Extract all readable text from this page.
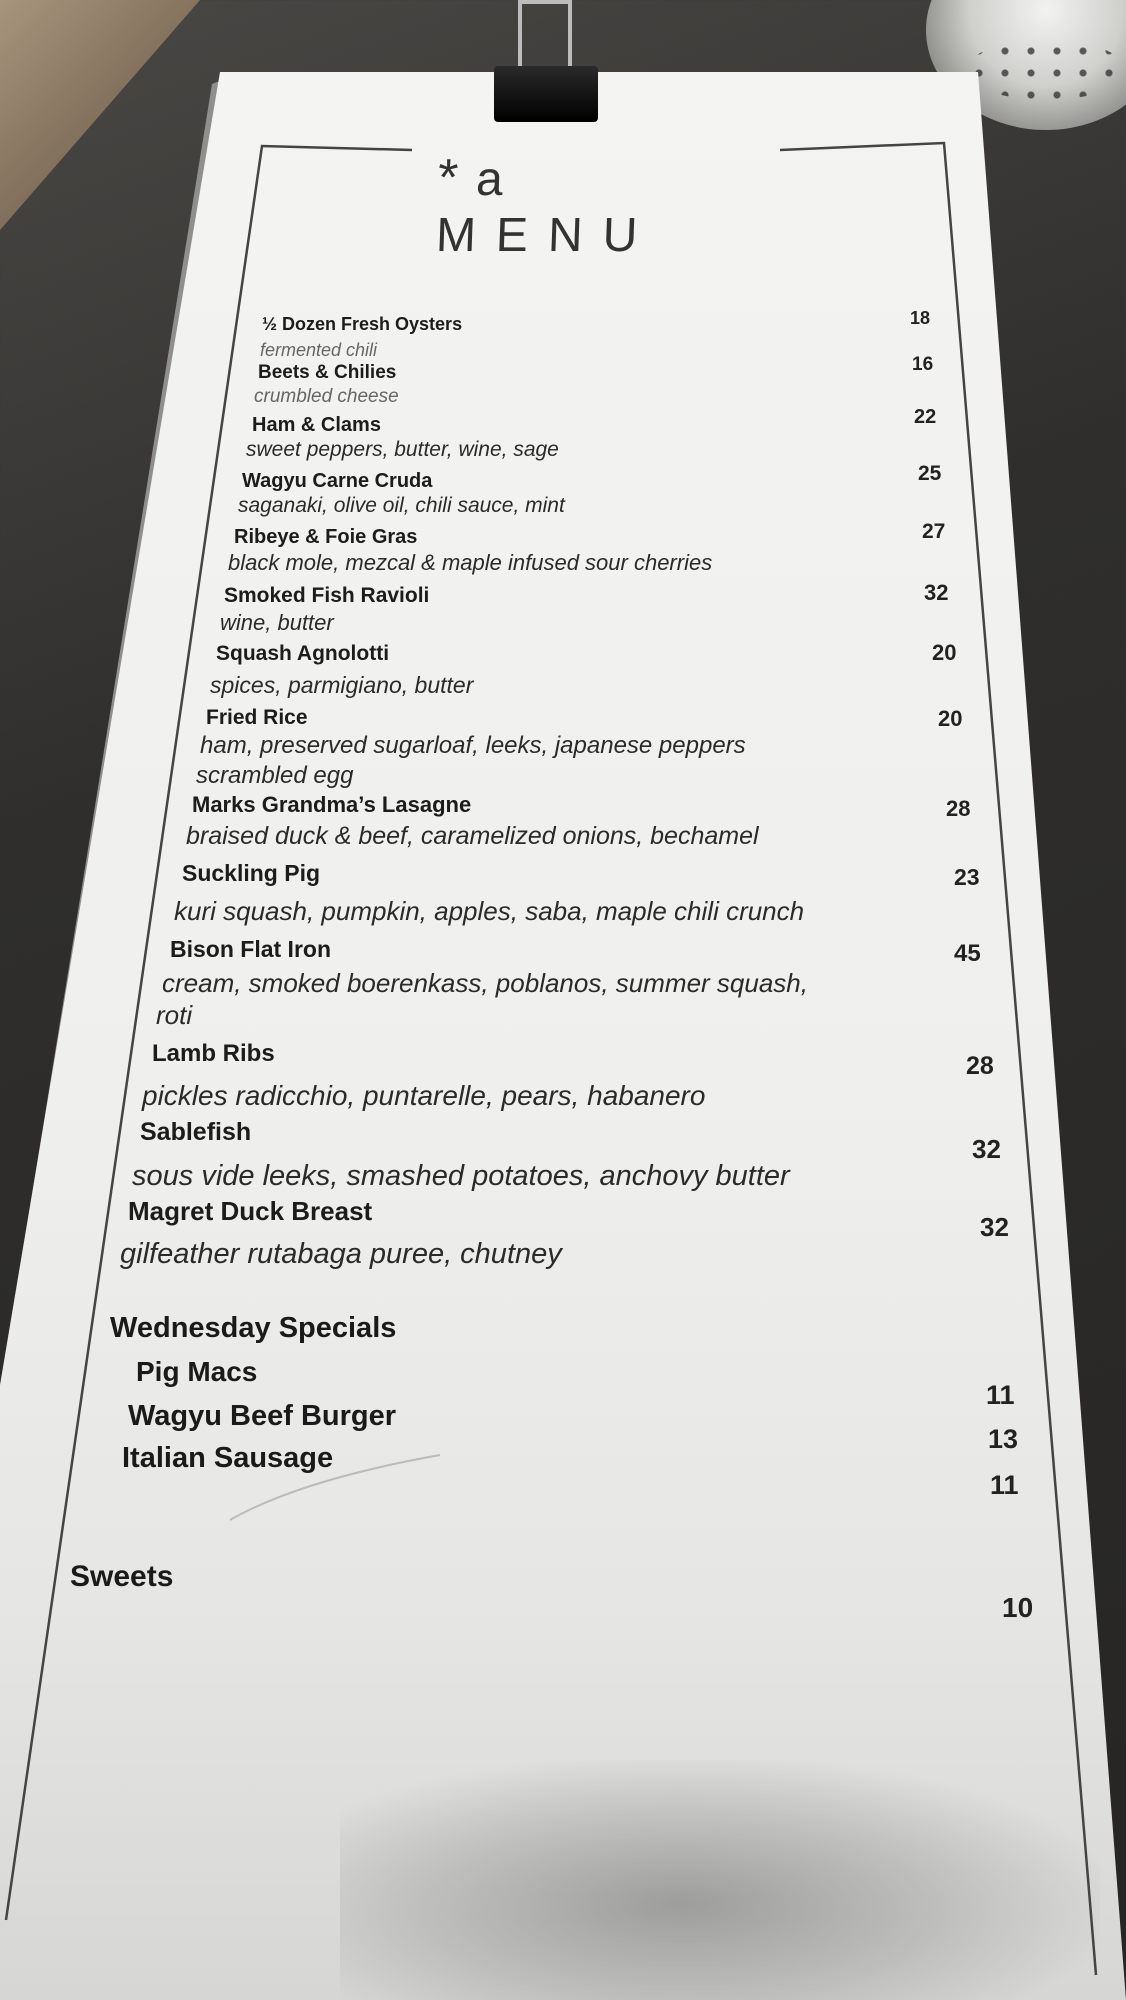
* a MENU
½ Dozen Fresh Oysters
fermented chili
18
Beets & Chilies
crumbled cheese
16
Ham & Clams
sweet peppers, butter, wine, sage
22
Wagyu Carne Cruda
saganaki, olive oil, chili sauce, mint
25
Ribeye & Foie Gras
black mole, mezcal & maple infused sour cherries
27
Smoked Fish Ravioli
wine, butter
32
Squash Agnolotti
spices, parmigiano, butter
20
Fried Rice
ham, preserved sugarloaf, leeks, japanese peppers
scrambled egg
20
Marks Grandma’s Lasagne
braised duck & beef, caramelized onions, bechamel
28
Suckling Pig
kuri squash, pumpkin, apples, saba, maple chili crunch
23
Bison Flat Iron
cream, smoked boerenkass, poblanos, summer squash,
roti
45
Lamb Ribs
pickles radicchio, puntarelle, pears, habanero
28
Sablefish
sous vide leeks, smashed potatoes, anchovy butter
32
Magret Duck Breast
gilfeather rutabaga puree, chutney
32
Wednesday Specials
Pig Macs
Wagyu Beef Burger
Italian Sausage
11
13
11
Sweets
10
